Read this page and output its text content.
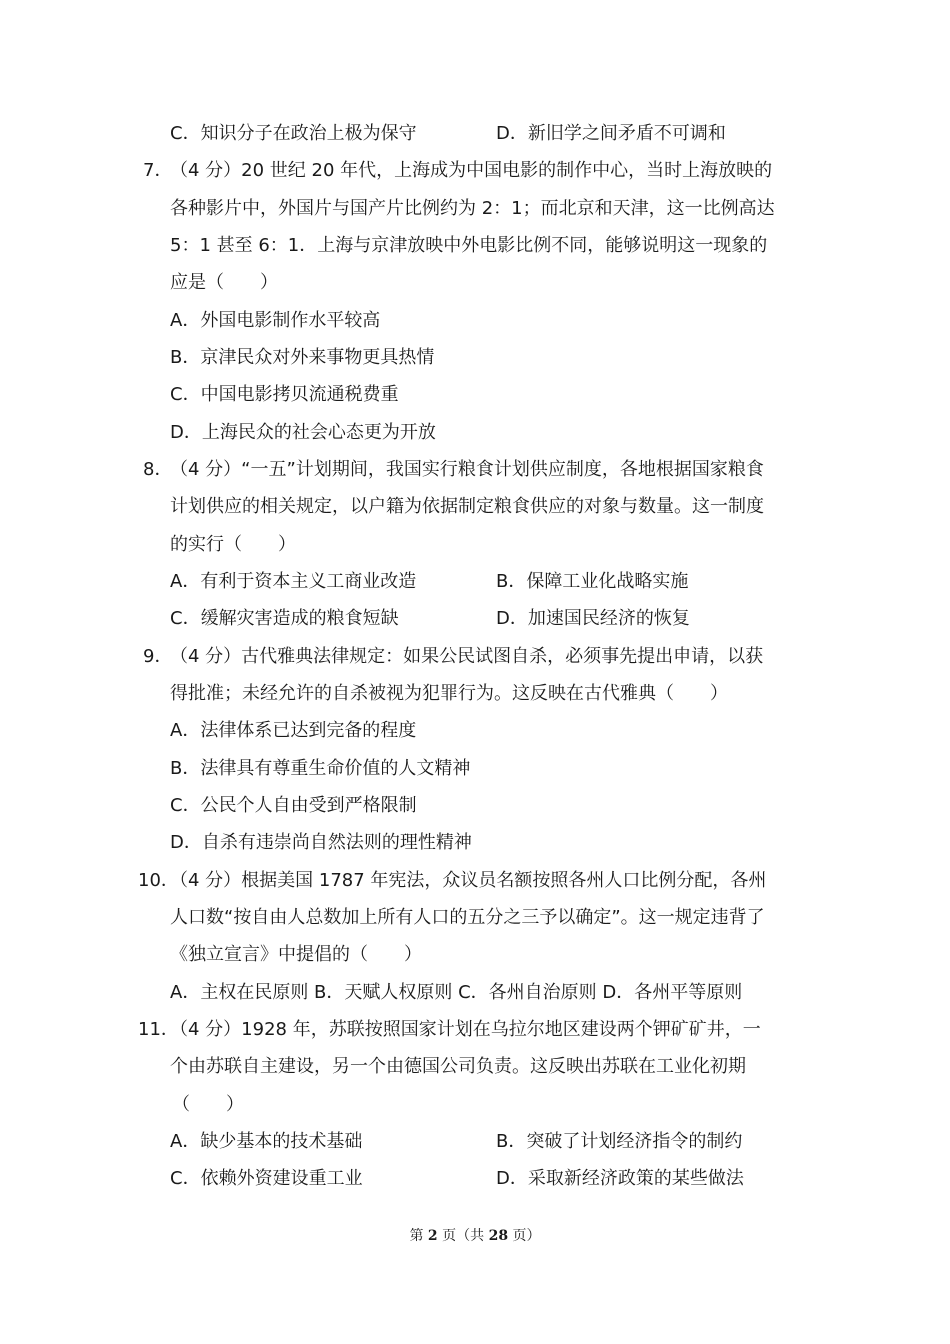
C．知识分子在政治上极为保守	D．新旧学之间矛盾不可调和
7．
（4 分）20 世纪 20 年代，上海成为中国电影的制作中心，当时上海放映的
各种影片中，外国片与国产片比例约为 2：1；而北京和天津，这一比例高达
5：1 甚至 6：1．上海与京津放映中外电影比例不同，能够说明这一现象的
应是（　　）
A．外国电影制作水平较高
B．京津民众对外来事物更具热情
C．中国电影拷贝流通税费重
D．上海民众的社会心态更为开放
8．
（4 分）“一五”计划期间，我国实行粮食计划供应制度，各地根据国家粮食
计划供应的相关规定，以户籍为依据制定粮食供应的对象与数量。这一制度
的实行（　　）
A．有利于资本主义工商业改造	B．保障工业化战略实施
C．缓解灾害造成的粮食短缺	D．加速国民经济的恢复
9．
（4 分）古代雅典法律规定：如果公民试图自杀，必须事先提出申请，以获
得批准；未经允许的自杀被视为犯罪行为。这反映在古代雅典（　　）
A．法律体系已达到完备的程度
B．法律具有尊重生命价值的人文精神
C．公民个人自由受到严格限制
D．自杀有违崇尚自然法则的理性精神
10．
（4 分）根据美国 1787 年宪法，众议员名额按照各州人口比例分配，各州
人口数“按自由人总数加上所有人口的五分之三予以确定”。这一规定违背了
《独立宣言》中提倡的（　　）
A．主权在民原则 B．天赋人权原则 C．各州自治原则 D．各州平等原则
11．
（4 分）1928 年，苏联按照国家计划在乌拉尔地区建设两个钾矿矿井，一
个由苏联自主建设，另一个由德国公司负责。这反映出苏联在工业化初期
（　　）
A．缺少基本的技术基础	B．突破了计划经济指令的制约
C．依赖外资建设重工业	D．采取新经济政策的某些做法
第 2 页（共 28 页）
